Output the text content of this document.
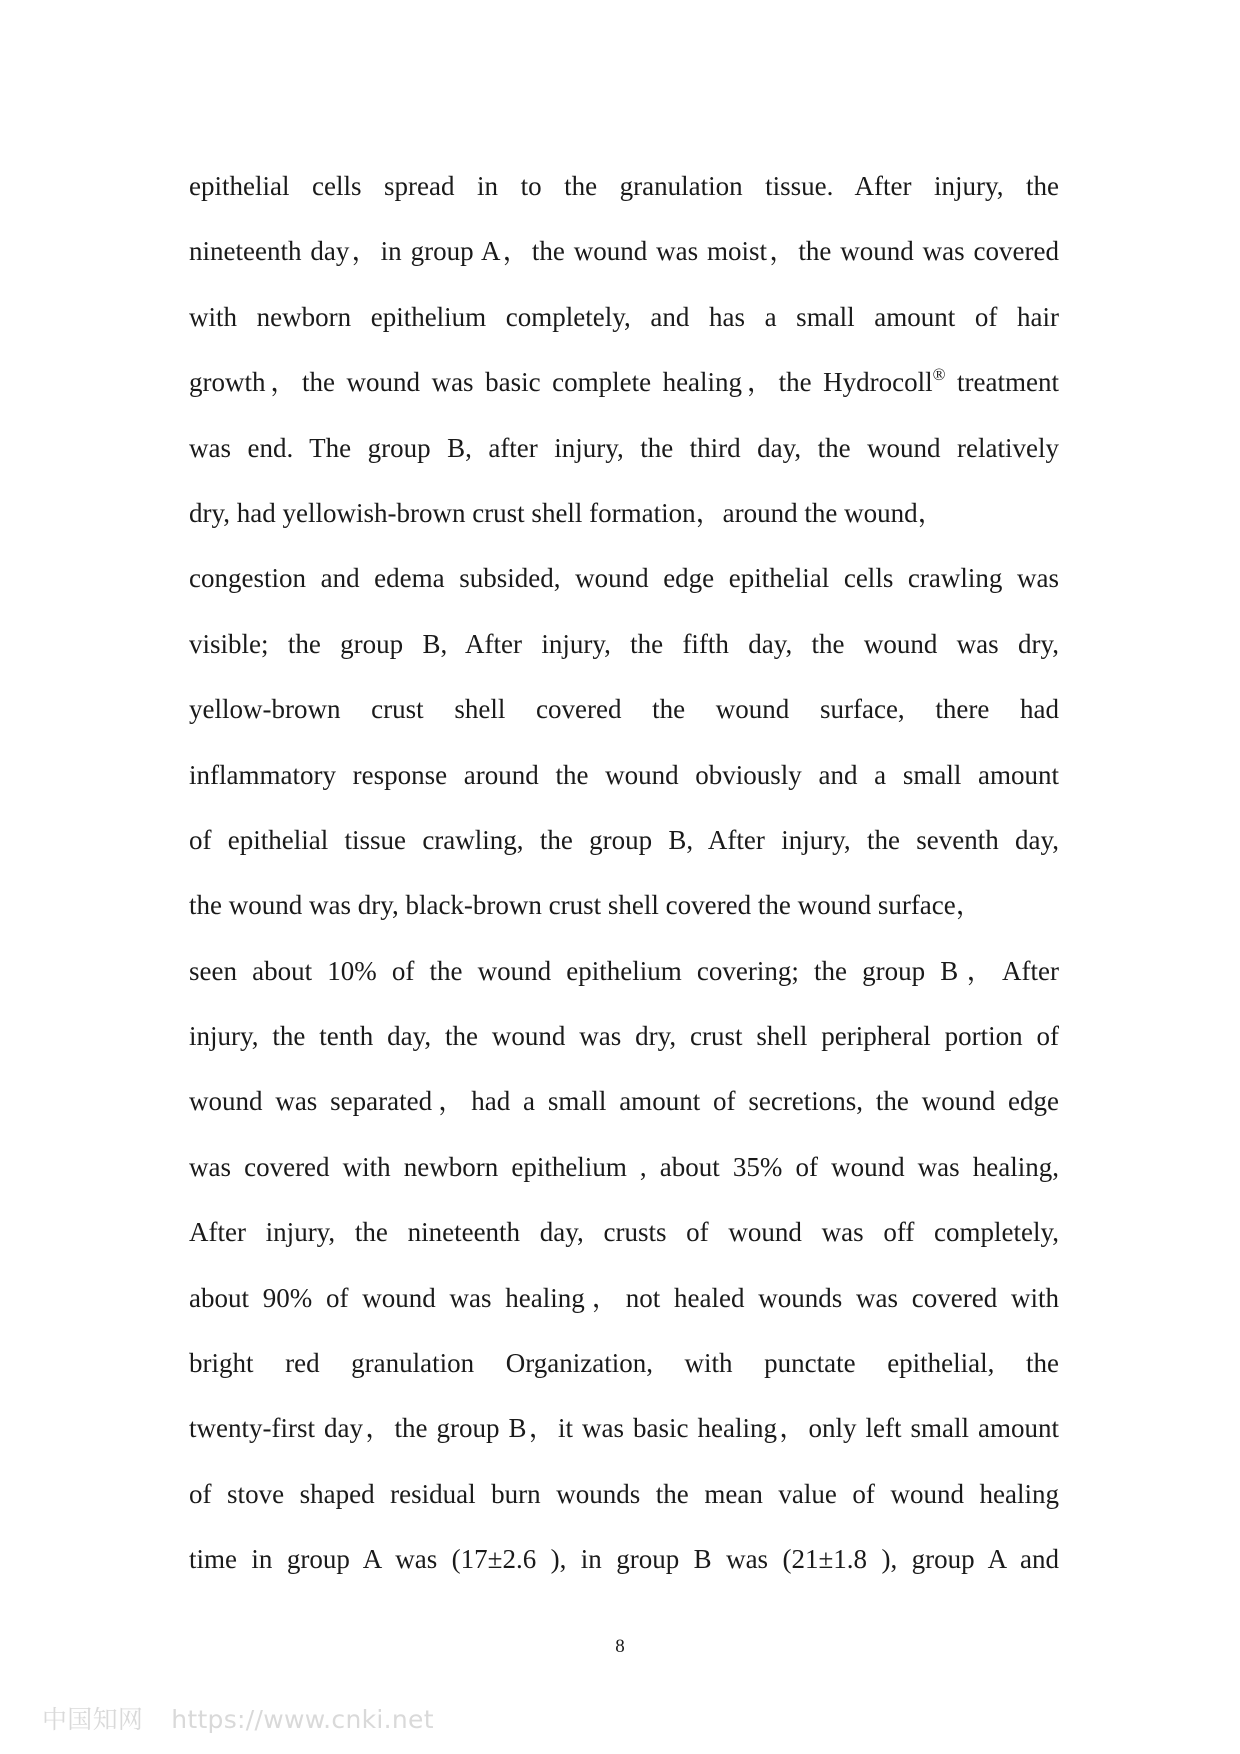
epithelial cells spread in to the granulation tissue. After injury, the
nineteenth day，in group A，the wound was moist，the wound was covered
with newborn epithelium completely, and has a small amount of hair
growth，the wound was basic complete healing，the Hydrocoll® treatment
was end. The group B, after injury, the third day, the wound relatively
dry, had yellowish-brown crust shell formation，around the wound，
congestion and edema subsided, wound edge epithelial cells crawling was
visible; the group B, After injury, the fifth day, the wound was dry,
yellow-brown crust shell covered the wound surface, there had
inflammatory response around the wound obviously and a small amount
of epithelial tissue crawling, the group B, After injury, the seventh day,
the wound was dry, black-brown crust shell covered the wound surface，
seen about 10% of the wound epithelium covering; the group B，After
injury, the tenth day, the wound was dry, crust shell peripheral portion of
wound was separated，had a small amount of secretions, the wound edge
was covered with newborn epithelium , about 35% of wound was healing,
After injury, the nineteenth day, crusts of wound was off completely,
about 90% of wound was healing，not healed wounds was covered with
bright red granulation Organization, with punctate epithelial, the
twenty-first day，the group B，it was basic healing，only left small amount
of stove shaped residual burn wounds the mean value of wound healing
time in group A was (17±2.6 ), in group B was (21±1.8 ), group A and
8
中国知网 https://www.cnki.net
